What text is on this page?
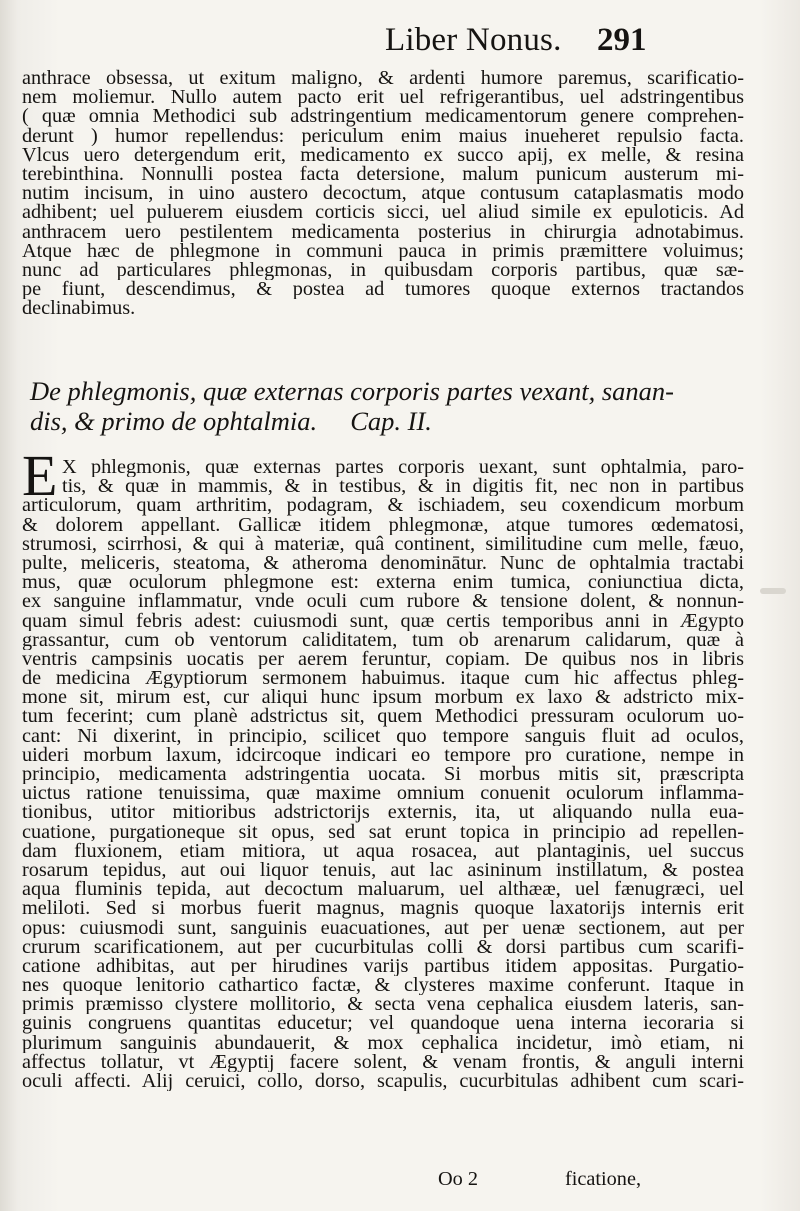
Liber Nonus. 291
anthrace obsessa, ut exitum maligno, & ardenti humore paremus, scarificatio-
nem moliemur. Nullo autem pacto erit uel refrigerantibus, uel adstringentibus
( quæ omnia Methodici sub adstringentium medicamentorum genere comprehen-
derunt ) humor repellendus: periculum enim maius inueheret repulsio facta.
Vlcus uero detergendum erit, medicamento ex succo apij, ex melle, & resina
terebinthina. Nonnulli postea facta detersione, malum punicum austerum mi-
nutim incisum, in uino austero decoctum, atque contusum cataplasmatis modo
adhibent; uel puluerem eiusdem corticis sicci, uel aliud simile ex epuloticis. Ad
anthracem uero pestilentem medicamenta posterius in chirurgia adnotabimus.
Atque hæc de phlegmone in communi pauca in primis præmittere voluimus;
nunc ad particulares phlegmonas, in quibusdam corporis partibus, quæ sæ-
pe fiunt, descendimus, & postea ad tumores quoque externos tractandos
declinabimus.
De phlegmonis, quæ externas corporis partes vexant, sanan-
dis, & primo de ophtalmia.     Cap. II.
E X phlegmonis, quæ externas partes corporis uexant, sunt ophtalmia, paro-
tis, & quæ in mammis, & in testibus, & in digitis fit, nec non in partibus
articulorum, quam arthritim, podagram, & ischiadem, seu coxendicum morbum
& dolorem appellant. Gallicæ itidem phlegmonæ, atque tumores œdematosi,
strumosi, scirrhosi, & qui à materiæ, quâ continent, similitudine cum melle, fæuo,
pulte, meliceris, steatoma, & atheroma denominātur. Nunc de ophtalmia tractabi
mus, quæ oculorum phlegmone est: externa enim tumica, coniunctiua dicta,
ex sanguine inflammatur, vnde oculi cum rubore & tensione dolent, & nonnun-
quam simul febris adest: cuiusmodi sunt, quæ certis temporibus anni in Ægypto
grassantur, cum ob ventorum caliditatem, tum ob arenarum calidarum, quæ à
ventris campsinis uocatis per aerem feruntur, copiam. De quibus nos in libris
de medicina Ægyptiorum sermonem habuimus. itaque cum hic affectus phleg-
mone sit, mirum est, cur aliqui hunc ipsum morbum ex laxo & adstricto mix-
tum fecerint; cum planè adstrictus sit, quem Methodici pressuram oculorum uo-
cant: Ni dixerint, in principio, scilicet quo tempore sanguis fluit ad oculos,
uideri morbum laxum, idcircoque indicari eo tempore pro curatione, nempe in
principio, medicamenta adstringentia uocata. Si morbus mitis sit, præscripta
uictus ratione tenuissima, quæ maxime omnium conuenit oculorum inflamma-
tionibus, utitor mitioribus adstrictorijs externis, ita, ut aliquando nulla eua-
cuatione, purgationeque sit opus, sed sat erunt topica in principio ad repellen-
dam fluxionem, etiam mitiora, ut aqua rosacea, aut plantaginis, uel succus
rosarum tepidus, aut oui liquor tenuis, aut lac asininum instillatum, & postea
aqua fluminis tepida, aut decoctum maluarum, uel althææ, uel fænugræci, uel
meliloti. Sed si morbus fuerit magnus, magnis quoque laxatorijs internis erit
opus: cuiusmodi sunt, sanguinis euacuationes, aut per uenæ sectionem, aut per
crurum scarificationem, aut per cucurbitulas colli & dorsi partibus cum scarifi-
catione adhibitas, aut per hirudines varijs partibus itidem appositas. Purgatio-
nes quoque lenitorio cathartico factæ, & clysteres maxime conferunt. Itaque in
primis præmisso clystere mollitorio, & secta vena cephalica eiusdem lateris, san-
guinis congruens quantitas educetur; vel quandoque uena interna iecoraria si
plurimum sanguinis abundauerit, & mox cephalica incidetur, imò etiam, ni
affectus tollatur, vt Ægyptij facere solent, & venam frontis, & anguli interni
oculi affecti. Alij ceruici, collo, dorso, scapulis, cucurbitulas adhibent cum scari-
Oo 2	ficatione,
